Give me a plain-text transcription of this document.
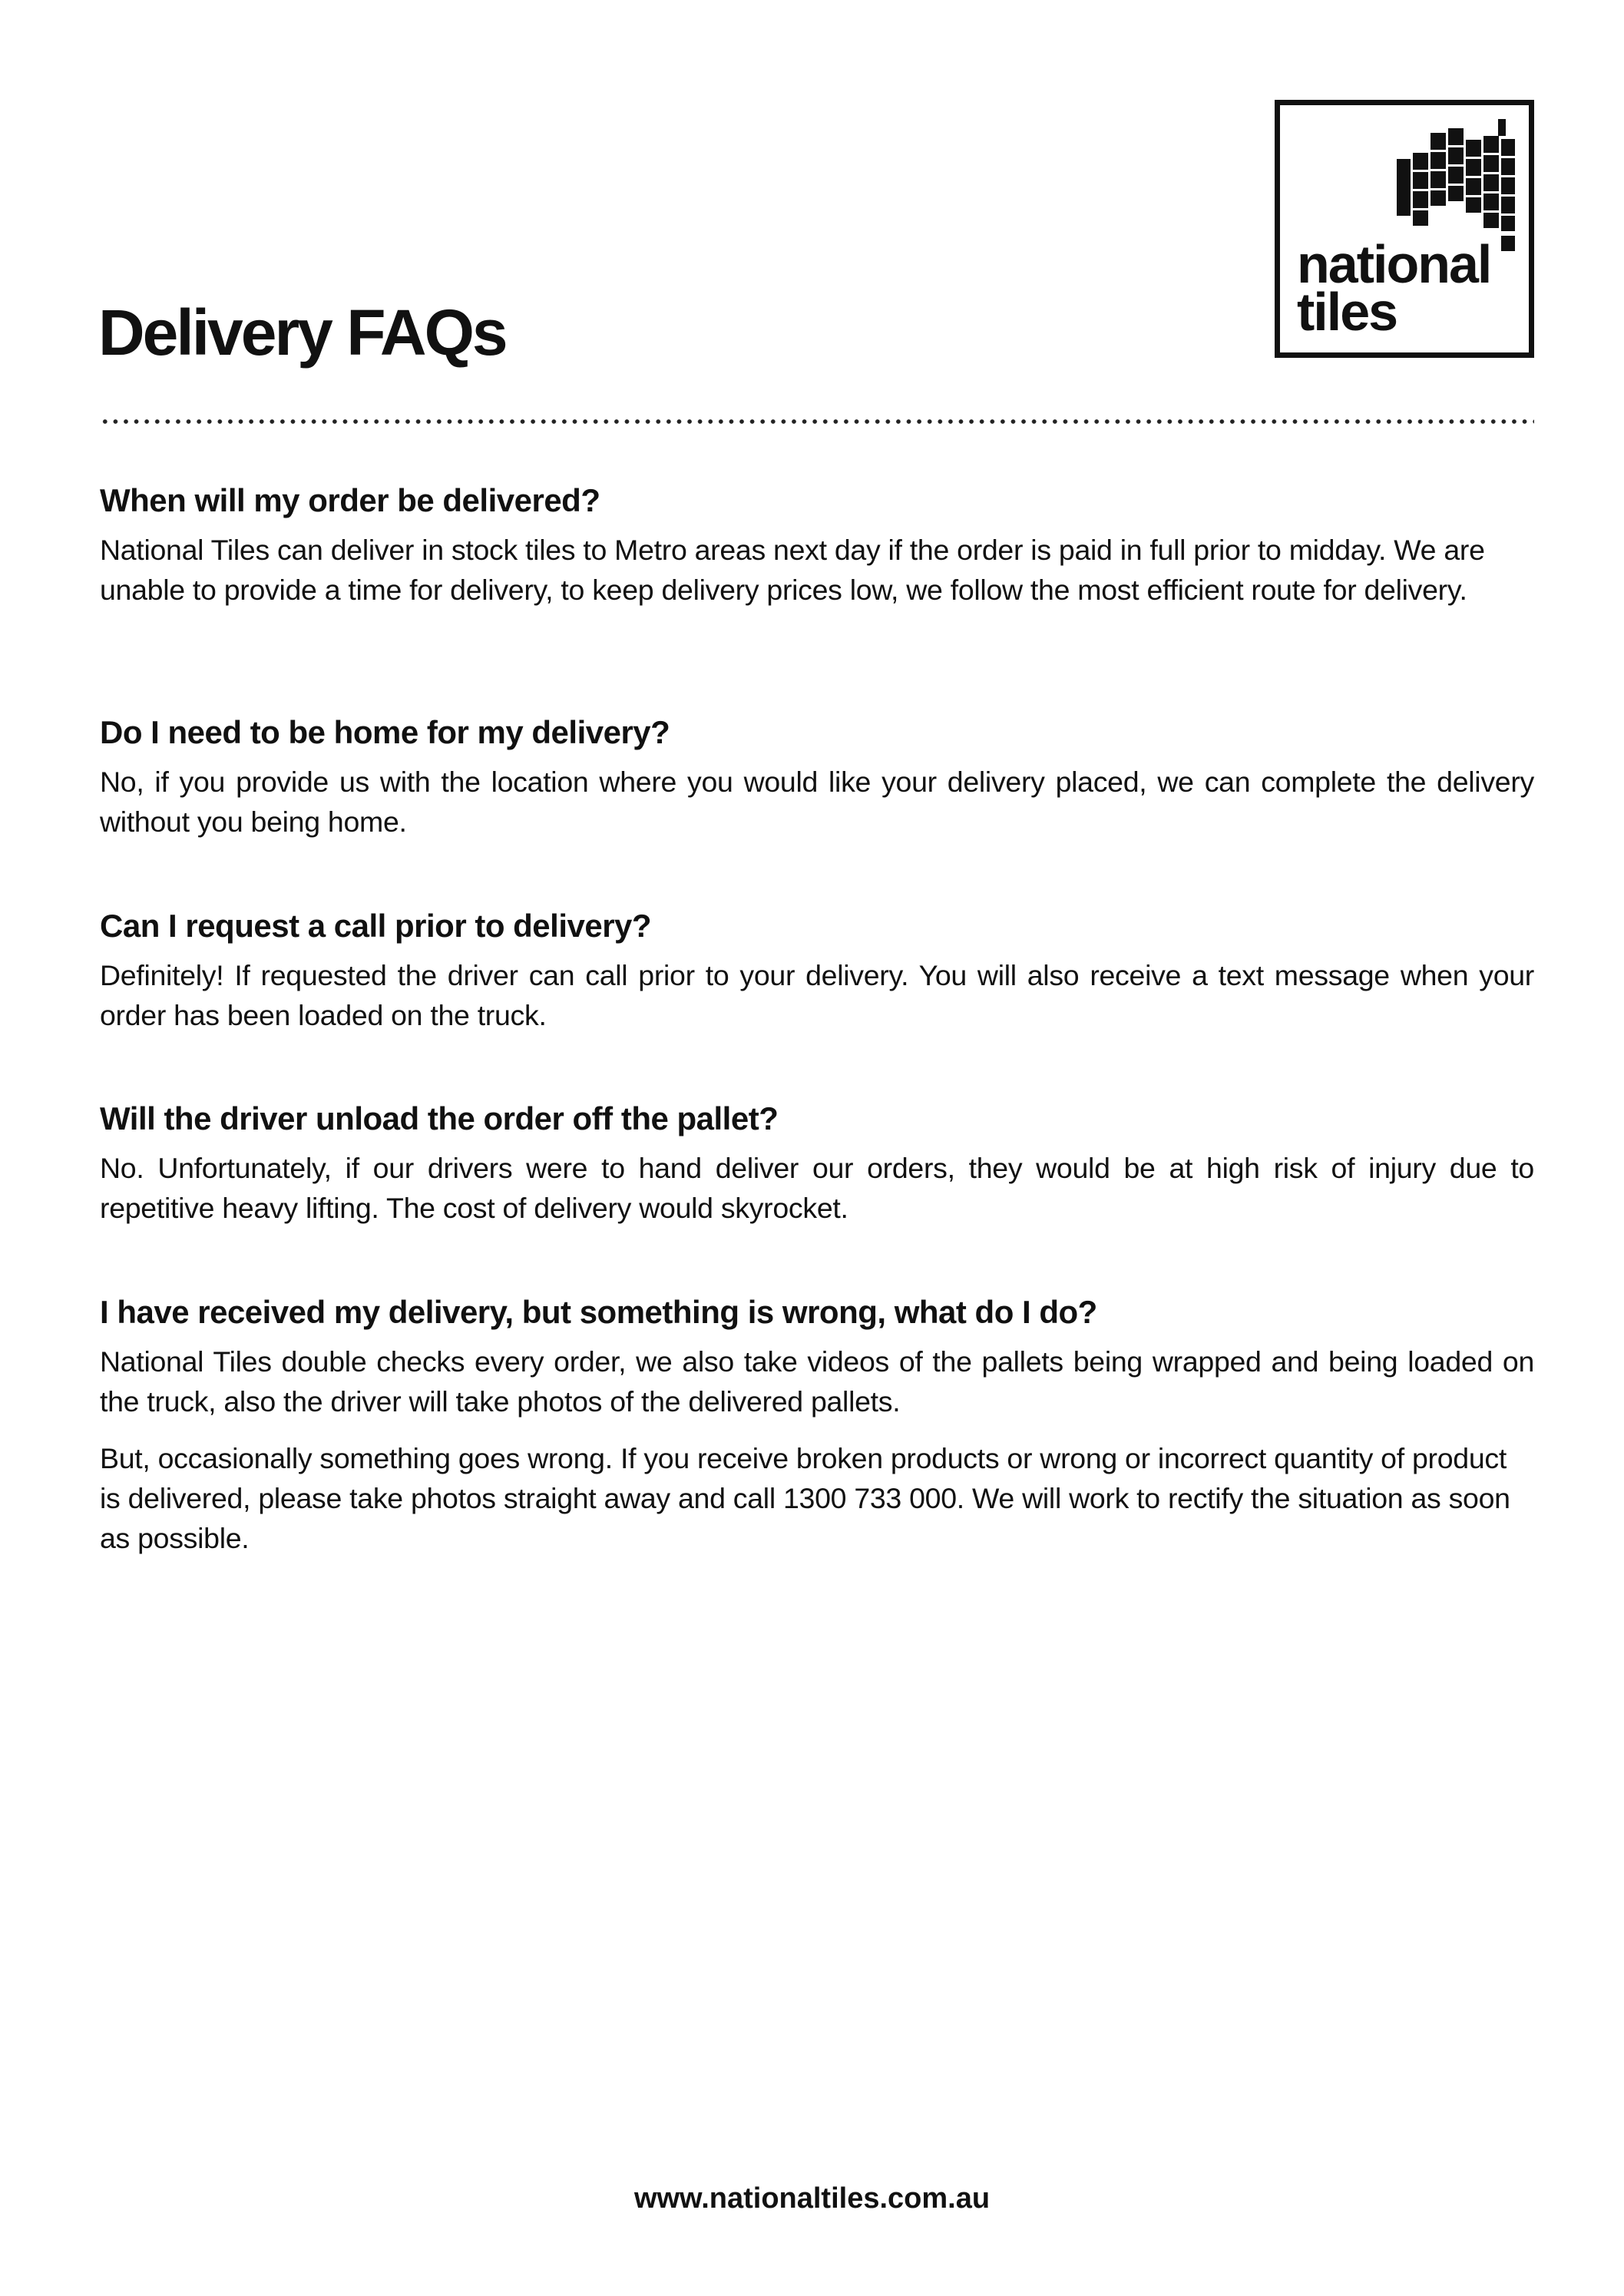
Delivery FAQs
national
tiles
When will my order be delivered?

National Tiles can deliver in stock tiles to Metro areas next day if the order is paid in full prior to midday. We are unable to provide a time for delivery, to keep delivery prices low, we follow the most efficient route for delivery.

Do I need to be home for my delivery?

No, if you provide us with the location where you would like your delivery placed, we can complete the delivery without you being home.

Can I request a call prior to delivery?

Definitely! If requested the driver can call prior to your delivery. You will also receive a text message when your order has been loaded on the truck.

Will the driver unload the order off the pallet?

No. Unfortunately, if our drivers were to hand deliver our orders, they would be at high risk of injury due to repetitive heavy lifting. The cost of delivery would skyrocket.

I have received my delivery, but something is wrong, what do I do?

National Tiles double checks every order, we also take videos of the pallets being wrapped and being loaded on the truck, also the driver will take photos of the delivered pallets.

But, occasionally something goes wrong. If you receive broken products or wrong or incorrect quantity of product is delivered, please take photos straight away and call 1300 733 000. We will work to rectify the situation as soon as possible.

www.nationaltiles.com.au
